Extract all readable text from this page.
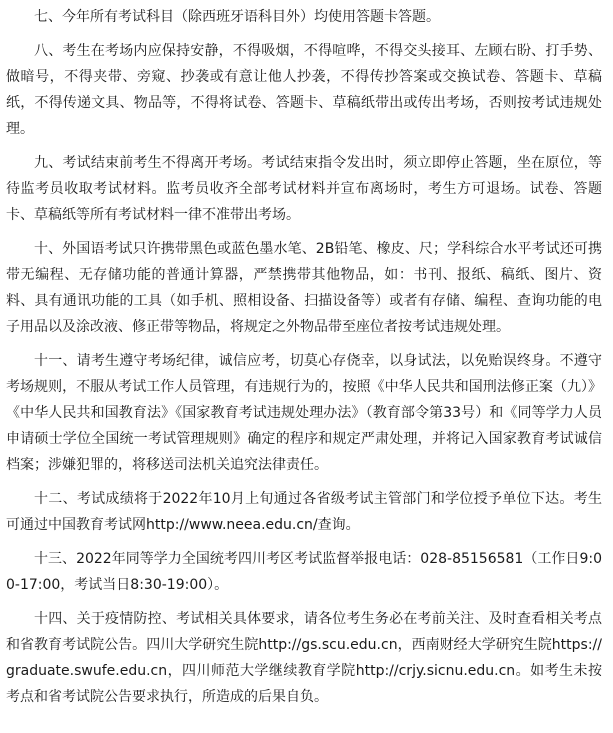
七、今年所有考试科目（除西班牙语科目外）均使用答题卡答题。

八、考生在考场内应保持安静，不得吸烟，不得喧哗，不得交头接耳、左顾右盼、打手势、做暗号，不得夹带、旁窥、抄袭或有意让他人抄袭，不得传抄答案或交换试卷、答题卡、草稿纸，不得传递文具、物品等，不得将试卷、答题卡、草稿纸带出或传出考场，否则按考试违规处理。

九、考试结束前考生不得离开考场。考试结束指令发出时，须立即停止答题，坐在原位，等待监考员收取考试材料。监考员收齐全部考试材料并宣布离场时，考生方可退场。试卷、答题卡、草稿纸等所有考试材料一律不准带出考场。

十、外国语考试只许携带黑色或蓝色墨水笔、2B铅笔、橡皮、尺；学科综合水平考试还可携带无编程、无存储功能的普通计算器，严禁携带其他物品，如：书刊、报纸、稿纸、图片、资料、具有通讯功能的工具（如手机、照相设备、扫描设备等）或者有存储、编程、查询功能的电子用品以及涂改液、修正带等物品，将规定之外物品带至座位者按考试违规处理。

十一、请考生遵守考场纪律，诚信应考，切莫心存侥幸，以身试法，以免贻误终身。不遵守考场规则，不服从考试工作人员管理，有违规行为的，按照《中华人民共和国刑法修正案（九）》《中华人民共和国教育法》《国家教育考试违规处理办法》（教育部令第33号）和《同等学力人员申请硕士学位全国统一考试管理规则》确定的程序和规定严肃处理，并将记入国家教育考试诚信档案；涉嫌犯罪的，将移送司法机关追究法律责任。

十二、考试成绩将于2022年10月上旬通过各省级考试主管部门和学位授予单位下达。考生可通过中国教育考试网http://www.neea.edu.cn/查询。

十三、2022年同等学力全国统考四川考区考试监督举报电话：028-85156581（工作日9:00-17:00，考试当日8:30-19:00）。

十四、关于疫情防控、考试相关具体要求，请各位考生务必在考前关注、及时查看相关考点和省教育考试院公告。四川大学研究生院http://gs.scu.edu.cn，西南财经大学研究生院https://graduate.swufe.edu.cn，四川师范大学继续教育学院http://crjy.sicnu.edu.cn。如考生未按考点和省考试院公告要求执行，所造成的后果自负。
